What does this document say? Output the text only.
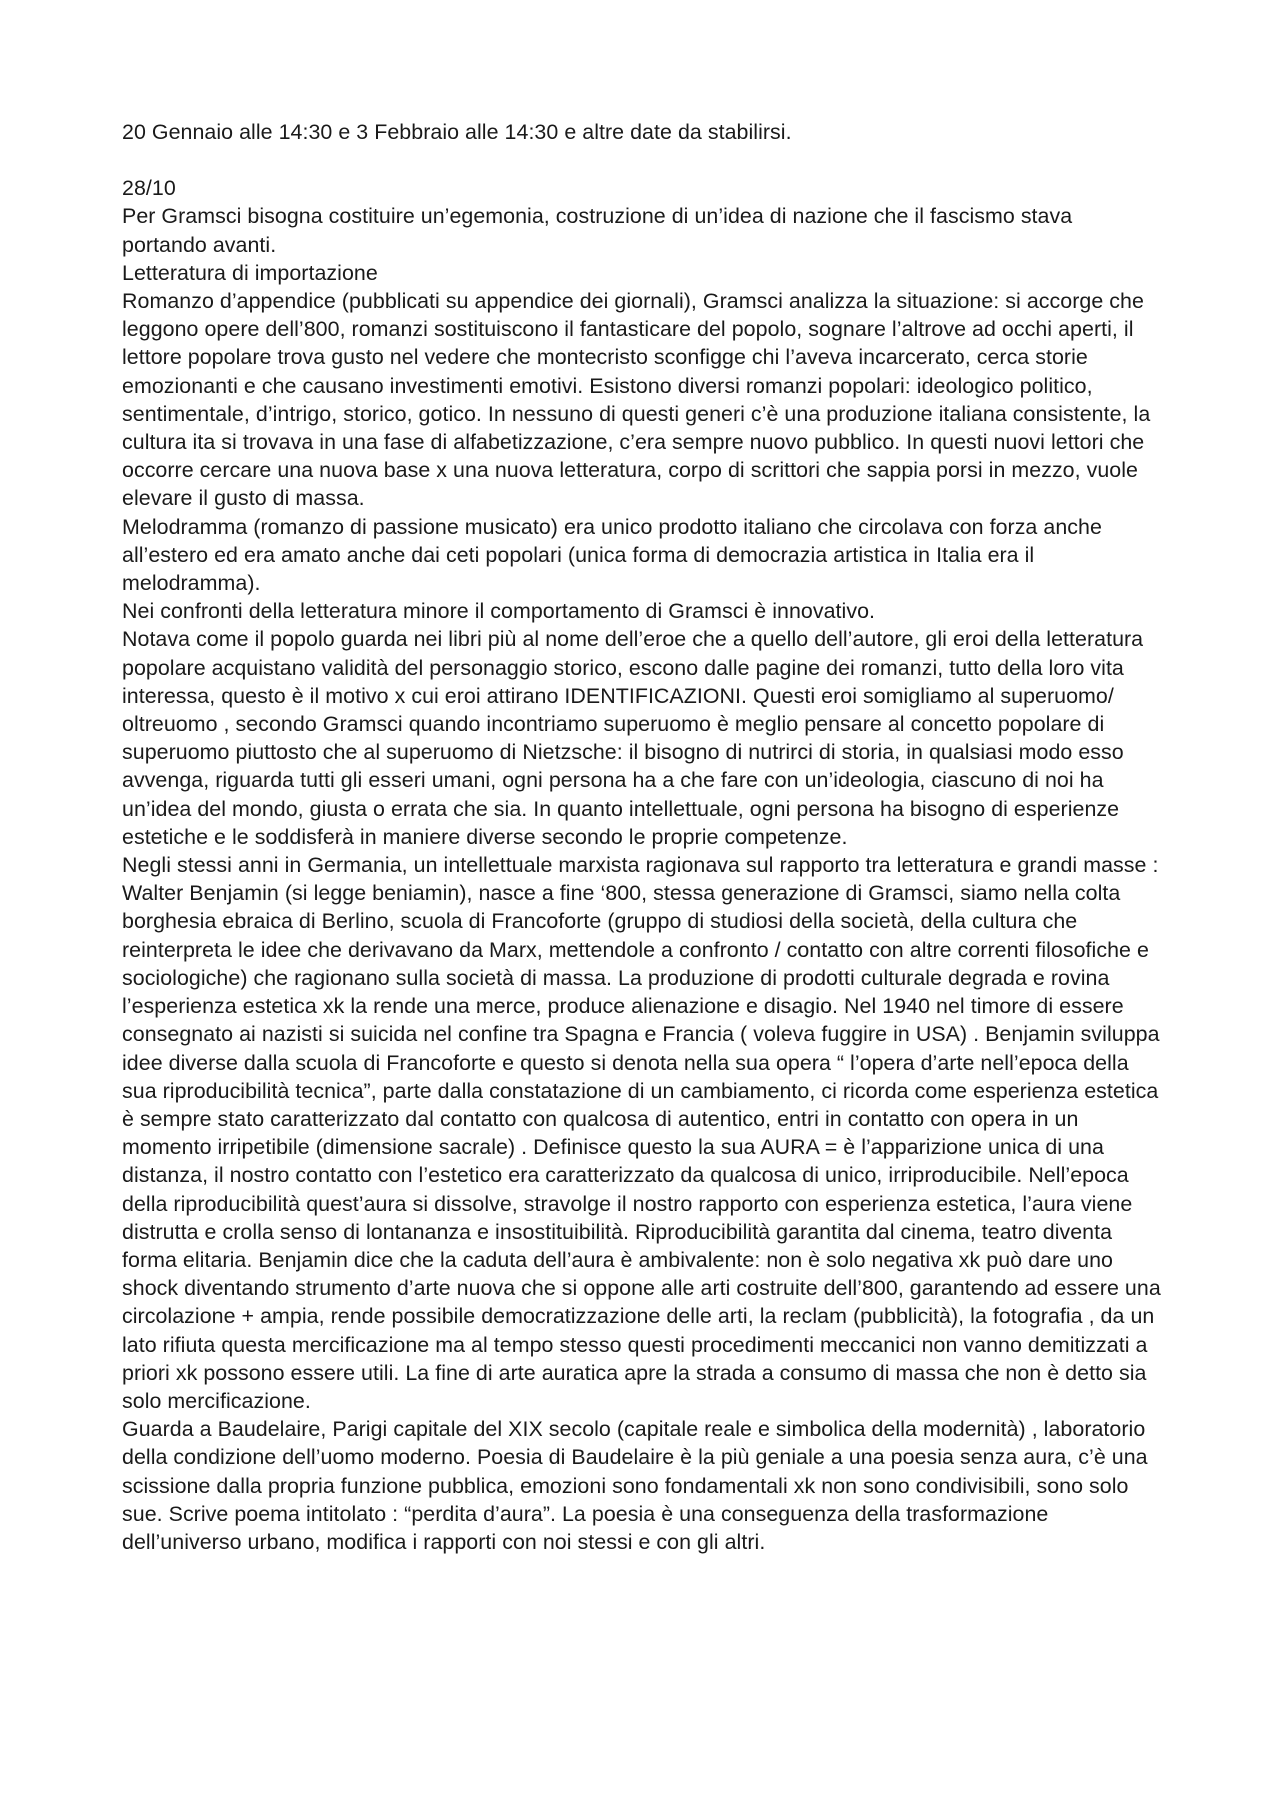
20 Gennaio alle 14:30 e 3 Febbraio alle 14:30 e altre date da stabilirsi.

28/10

Per Gramsci bisogna costituire un’egemonia, costruzione di un’idea di nazione che il fascismo stava portando avanti.

Letteratura di importazione

Romanzo d’appendice (pubblicati su appendice dei giornali), Gramsci analizza la situazione: si accorge che leggono opere dell’800, romanzi sostituiscono il fantasticare del popolo, sognare l’altrove ad occhi aperti, il lettore popolare trova gusto nel vedere che montecristo sconfigge chi l’aveva incarcerato, cerca storie emozionanti e che causano investimenti emotivi. Esistono diversi romanzi popolari: ideologico politico, sentimentale, d’intrigo, storico, gotico. In nessuno di questi generi c’è una produzione italiana consistente, la cultura ita si trovava in una fase di alfabetizzazione, c’era sempre nuovo pubblico. In questi nuovi lettori che occorre cercare una nuova base x una nuova letteratura, corpo di scrittori che sappia porsi in mezzo, vuole elevare il gusto di massa.

Melodramma (romanzo di passione musicato) era unico prodotto italiano che circolava con forza anche all’estero ed era amato anche dai ceti popolari (unica forma di democrazia artistica in Italia era il melodramma).

Nei confronti della letteratura minore il comportamento di Gramsci è innovativo.

Notava come il popolo guarda nei libri più al nome dell’eroe che a quello dell’autore, gli eroi della letteratura popolare acquistano validità del personaggio storico, escono dalle pagine dei romanzi, tutto della loro vita interessa, questo è il motivo x cui eroi attirano IDENTIFICAZIONI. Questi eroi somigliamo al superuomo/ oltreuomo , secondo Gramsci quando incontriamo superuomo è meglio pensare al concetto popolare di superuomo piuttosto che al superuomo di Nietzsche: il bisogno di nutrirci di storia, in qualsiasi modo esso avvenga, riguarda tutti gli esseri umani, ogni persona ha a che fare con un’ideologia, ciascuno di noi ha un’idea del mondo, giusta o errata che sia. In quanto intellettuale, ogni persona ha bisogno di esperienze estetiche e le soddisferà in maniere diverse secondo le proprie competenze.

Negli stessi anni in Germania, un intellettuale marxista ragionava sul rapporto tra letteratura e grandi masse : Walter Benjamin (si legge beniamin), nasce a fine ‘800, stessa generazione di Gramsci, siamo nella colta borghesia ebraica di Berlino, scuola di Francoforte (gruppo di studiosi della società, della cultura che reinterpreta le idee che derivavano da Marx, mettendole a confronto / contatto con altre correnti filosofiche e sociologiche) che ragionano sulla società di massa. La produzione di prodotti culturale degrada e rovina l’esperienza estetica xk la rende una merce, produce alienazione e disagio. Nel 1940 nel timore di essere consegnato ai nazisti si suicida nel confine tra Spagna e Francia ( voleva fuggire in USA) . Benjamin sviluppa idee diverse dalla scuola di Francoforte e questo si denota nella sua opera “ l’opera d’arte nell’epoca della sua riproducibilità tecnica”, parte dalla constatazione di un cambiamento, ci ricorda come esperienza estetica è sempre stato caratterizzato dal contatto con qualcosa di autentico, entri in contatto con opera in un momento irripetibile (dimensione sacrale) . Definisce questo la sua AURA = è l’apparizione unica di una distanza, il nostro contatto con l’estetico era caratterizzato da qualcosa di unico, irriproducibile. Nell’epoca della riproducibilità quest’aura si dissolve, stravolge il nostro rapporto con esperienza estetica, l’aura viene distrutta e crolla senso di lontananza e insostituibilità. Riproducibilità garantita dal cinema, teatro diventa forma elitaria. Benjamin dice che la caduta dell’aura è ambivalente: non è solo negativa xk può dare uno shock diventando strumento d’arte nuova che si oppone alle arti costruite dell’800, garantendo ad essere una circolazione + ampia, rende possibile democratizzazione delle arti, la reclam (pubblicità), la fotografia , da un lato rifiuta questa mercificazione ma al tempo stesso questi procedimenti meccanici non vanno demitizzati a priori xk possono essere utili. La fine di arte auratica apre la strada a consumo di massa che non è detto sia solo mercificazione.

Guarda a Baudelaire, Parigi capitale del XIX secolo (capitale reale e simbolica della modernità) , laboratorio della condizione dell’uomo moderno. Poesia di Baudelaire è la più geniale a una poesia senza aura, c’è una scissione dalla propria funzione pubblica, emozioni sono fondamentali xk non sono condivisibili, sono solo sue. Scrive poema intitolato : “perdita d’aura”. La poesia è una conseguenza della trasformazione dell’universo urbano, modifica i rapporti con noi stessi e con gli altri.
